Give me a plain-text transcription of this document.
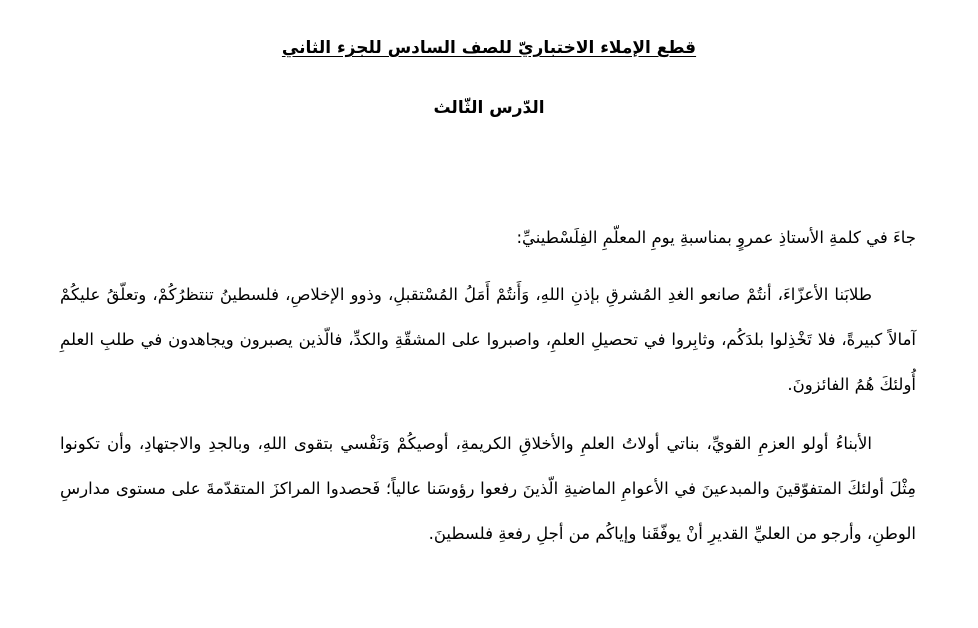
قطع الإملاء الاختباريّ للصف السادس للجزء الثاني
الدّرس الثّالث
جاءَ في كلمةِ الأستاذِ عمروٍ بمناسبةِ يومِ المعلّمِ الفِلَسْطينيِّ:

طلابَنا الأعزّاءَ، أنتُمْ صانعو الغدِ المُشرقِ بإذنِ اللهِ، وَأَنتُمْ أَمَلُ المُسْتقبلِ، وذوو الإخلاصِ، فلسطينُ تنتظرُكُمْ، وتعلّقُ عليكُمْ آمالاً كبيرةً، فلا تَخْذِلوا بلدَكُم، وثابِروا في تحصيلِ العلمِ، واصبروا على المشقّةِ والكدِّ، فالّذين يصبرون ويجاهدون في طلبِ العلمِ أُولئكَ هُمُ الفائزونَ.

الأبناءُ أولو العزمِ القويِّ، بناتي أولاتُ العلمِ والأخلاقِ الكريمةِ، أوصيكُمْ وَنَفْسي بتقوى اللهِ، وبالجدِ والاجتهادِ، وأن تكونوا مِثْلَ أولئكَ المتفوّقينَ والمبدعينَ في الأعوامِ الماضيةِ الّذينَ رفعوا رؤوسَنا عالياً؛ فَحصدوا المراكزَ المتقدّمةَ على مستوى مدارسِ الوطنِ، وأرجو من العليِّ القديرِ أنْ يوفّقَنا وإياكُم من أجلِ رفعةِ فلسطينَ.
